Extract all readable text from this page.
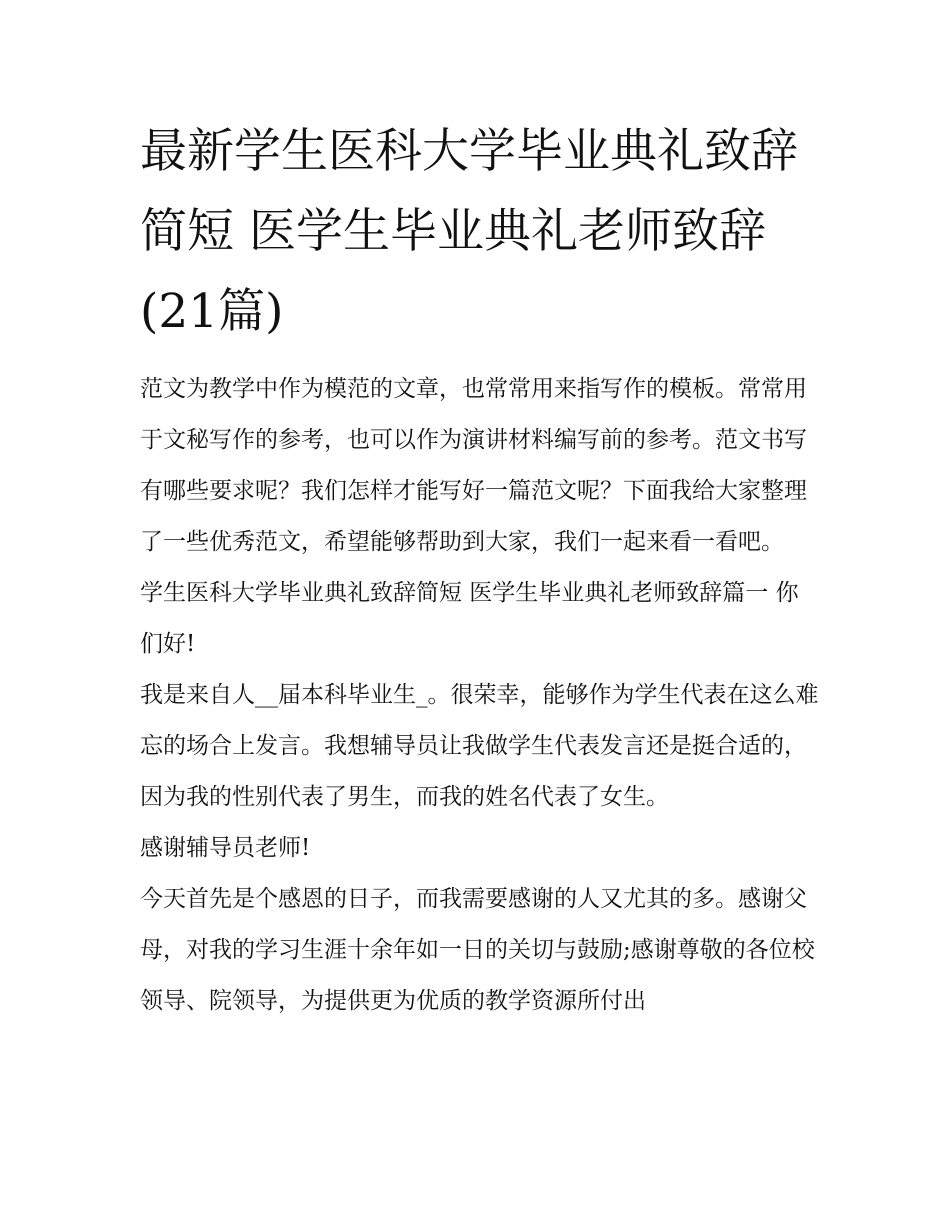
最新学生医科大学毕业典礼致辞简短 医学生毕业典礼老师致辞(21篇)

范文为教学中作为模范的文章，也常常用来指写作的模板。常常用于文秘写作的参考，也可以作为演讲材料编写前的参考。范文书写有哪些要求呢？我们怎样才能写好一篇范文呢？下面我给大家整理了一些优秀范文，希望能够帮助到大家，我们一起来看一看吧。

学生医科大学毕业典礼致辞简短 医学生毕业典礼老师致辞篇一 你们好!

我是来自人__届本科毕业生_。很荣幸，能够作为学生代表在这么难忘的场合上发言。我想辅导员让我做学生代表发言还是挺合适的，因为我的性别代表了男生，而我的姓名代表了女生。

感谢辅导员老师!

今天首先是个感恩的日子，而我需要感谢的人又尤其的多。感谢父母，对我的学习生涯十余年如一日的关切与鼓励;感谢尊敬的各位校领导、院领导，为提供更为优质的教学资源所付出
